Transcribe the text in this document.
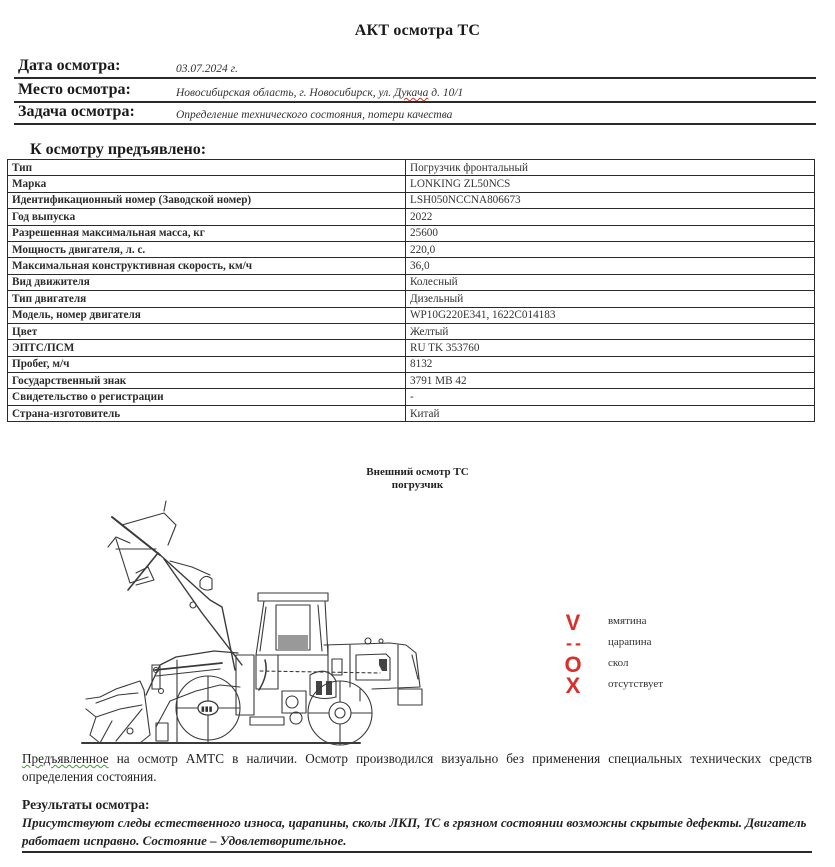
АКТ осмотра ТС
Дата осмотра:	03.07.2024 г.
Место осмотра:	Новосибирская область, г. Новосибирск, ул. Дукача д. 10/1
Задача осмотра:	Определение технического состояния, потери качества
К осмотру предъявлено:
Тип	Погрузчик фронтальный
Марка	LONKING ZL50NCS
Идентификационный номер (Заводской номер)	LSH050NCCNA806673
Год выпуска	2022
Разрешенная максимальная масса, кг	25600
Мощность двигателя, л. с.	220,0
Максимальная конструктивная скорость, км/ч	36,0
Вид движителя	Колесный
Тип двигателя	Дизельный
Модель, номер двигателя	WP10G220E341, 1622C014183
Цвет	Желтый
ЭПТС/ПСМ	RU TK 353760
Пробег, м/ч	8132
Государственный знак	3791 МВ 42
Свидетельство о регистрации	-
Страна-изготовитель	Китай
Внешний осмотр ТС
погрузчик
▮▮▮
V	вмятина
- -	царапина
O	скол
X	отсутствует
Предъявленное на осмотр АМТС в наличии. Осмотр производился визуально без применения специальных технических средств определения состояния.
Результаты осмотра:
Присутствуют следы естественного износа, царапины, сколы ЛКП, ТС в грязном состоянии возможны скрытые дефекты. Двигатель работает исправно. Состояние – Удовлетворительное.
